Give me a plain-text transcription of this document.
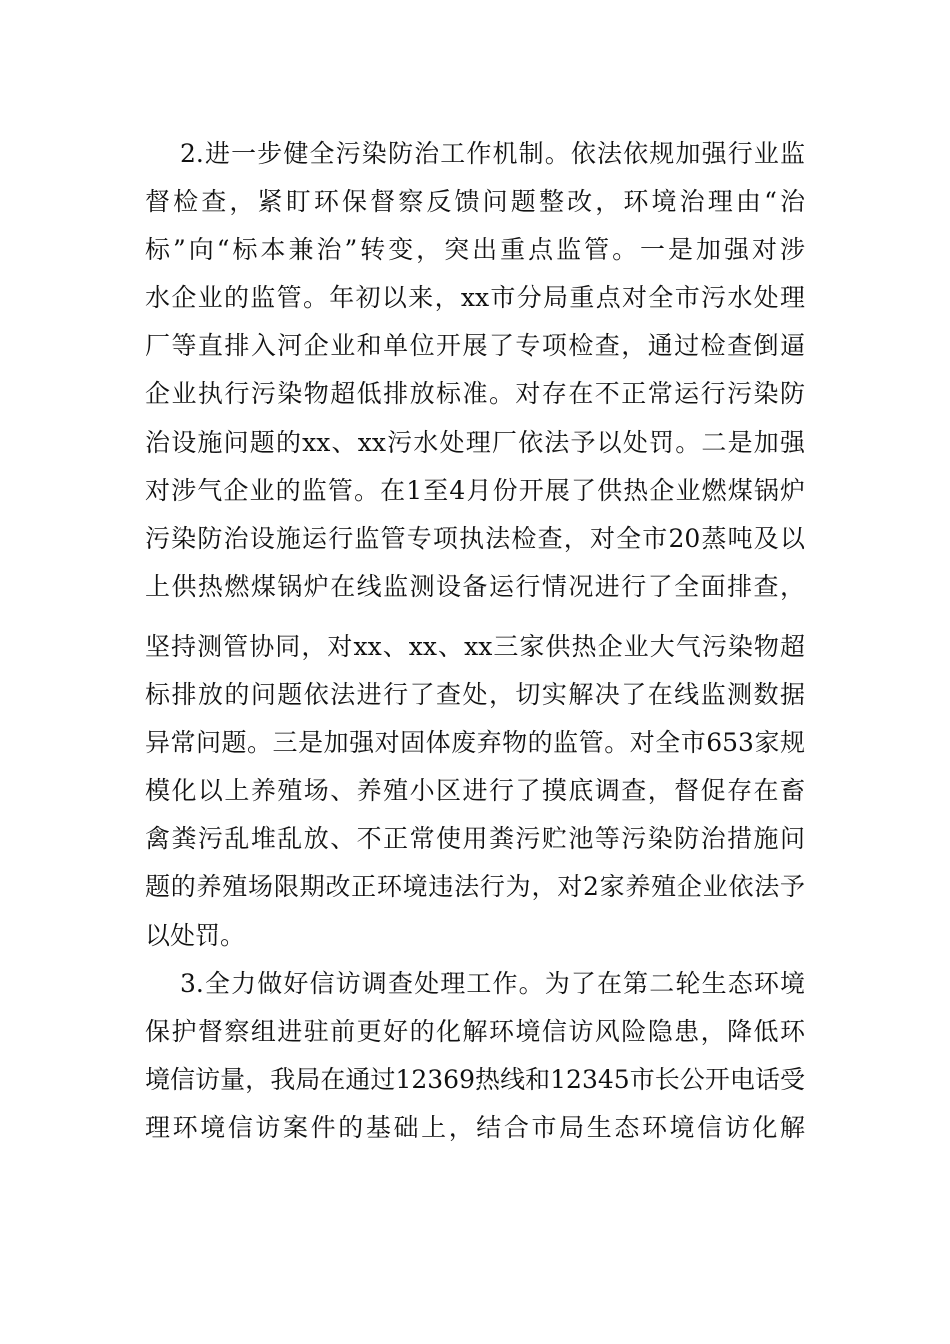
2.进一步健全污染防治工作机制。依法依规加强行业监
督检查，紧盯环保督察反馈问题整改，环境治理由“治
标”向“标本兼治”转变，突出重点监管。一是加强对涉
水企业的监管。年初以来，xx市分局重点对全市污水处理
厂等直排入河企业和单位开展了专项检查，通过检查倒逼
企业执行污染物超低排放标准。对存在不正常运行污染防
治设施问题的xx、xx污水处理厂依法予以处罚。二是加强
对涉气企业的监管。在1至4月份开展了供热企业燃煤锅炉
污染防治设施运行监管专项执法检查，对全市20蒸吨及以
上供热燃煤锅炉在线监测设备运行情况进行了全面排查，
坚持测管协同，对xx、xx、xx三家供热企业大气污染物超
标排放的问题依法进行了查处，切实解决了在线监测数据
异常问题。三是加强对固体废弃物的监管。对全市653家规
模化以上养殖场、养殖小区进行了摸底调查，督促存在畜
禽粪污乱堆乱放、不正常使用粪污贮池等污染防治措施问
题的养殖场限期改正环境违法行为，对2家养殖企业依法予
以处罚。
3.全力做好信访调查处理工作。为了在第二轮生态环境
保护督察组进驻前更好的化解环境信访风险隐患，降低环
境信访量，我局在通过12369热线和12345市长公开电话受
理环境信访案件的基础上，结合市局生态环境信访化解
